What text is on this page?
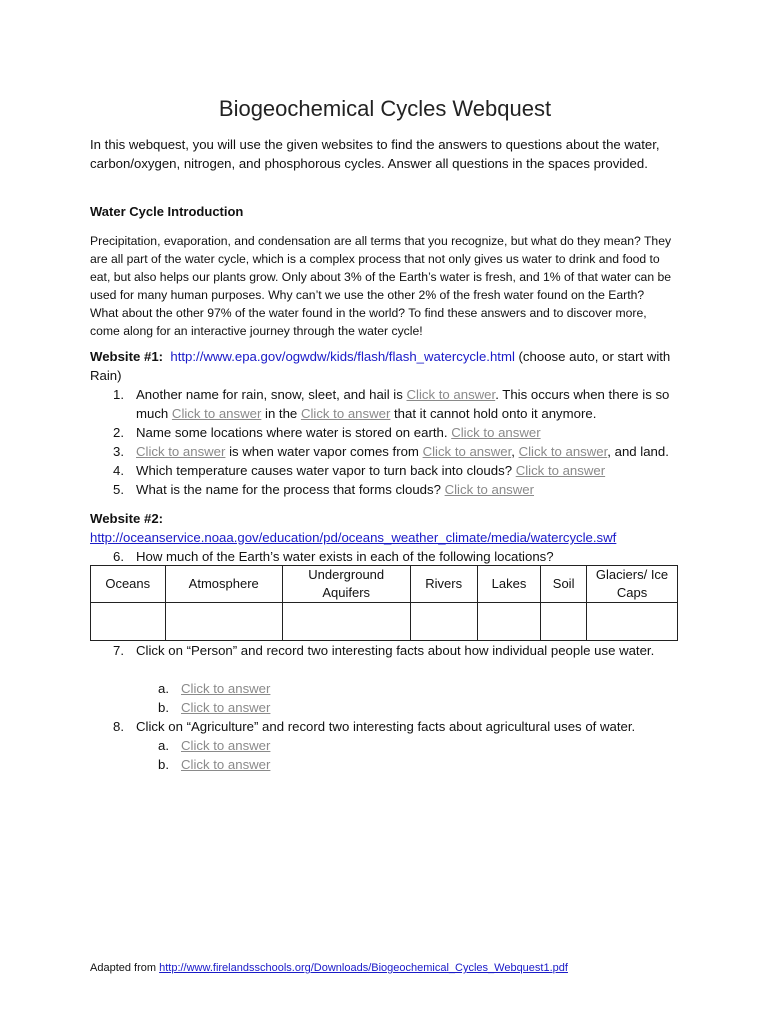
Biogeochemical Cycles Webquest
In this webquest, you will use the given websites to find the answers to questions about the water, carbon/oxygen, nitrogen, and phosphorous cycles. Answer all questions in the spaces provided.
Water Cycle Introduction
Precipitation, evaporation, and condensation are all terms that you recognize, but what do they mean? They are all part of the water cycle, which is a complex process that not only gives us water to drink and food to eat, but also helps our plants grow. Only about 3% of the Earth’s water is fresh, and 1% of that water can be used for many human purposes. Why can’t we use the other 2% of the fresh water found on the Earth? What about the other 97% of the water found in the world? To find these answers and to discover more, come along for an interactive journey through the water cycle!
Website #1: http://www.epa.gov/ogwdw/kids/flash/flash_watercycle.html (choose auto, or start with Rain)
1. Another name for rain, snow, sleet, and hail is Click to answer. This occurs when there is so much Click to answer in the Click to answer that it cannot hold onto it anymore.
2. Name some locations where water is stored on earth. Click to answer
3. Click to answer is when water vapor comes from Click to answer, Click to answer, and land.
4. Which temperature causes water vapor to turn back into clouds? Click to answer
5. What is the name for the process that forms clouds? Click to answer
Website #2:
http://oceanservice.noaa.gov/education/pd/oceans_weather_climate/media/watercycle.swf
6. How much of the Earth’s water exists in each of the following locations?
Oceans	Atmosphere	Underground Aquifers	Rivers	Lakes	Soil	Glaciers/ Ice Caps

7. Click on “Person” and record two interesting facts about how individual people use water.
a. Click to answer
b. Click to answer
8. Click on “Agriculture” and record two interesting facts about agricultural uses of water.
a. Click to answer
b. Click to answer
Adapted from http://www.firelandsschools.org/Downloads/Biogeochemical_Cycles_Webquest1.pdf
